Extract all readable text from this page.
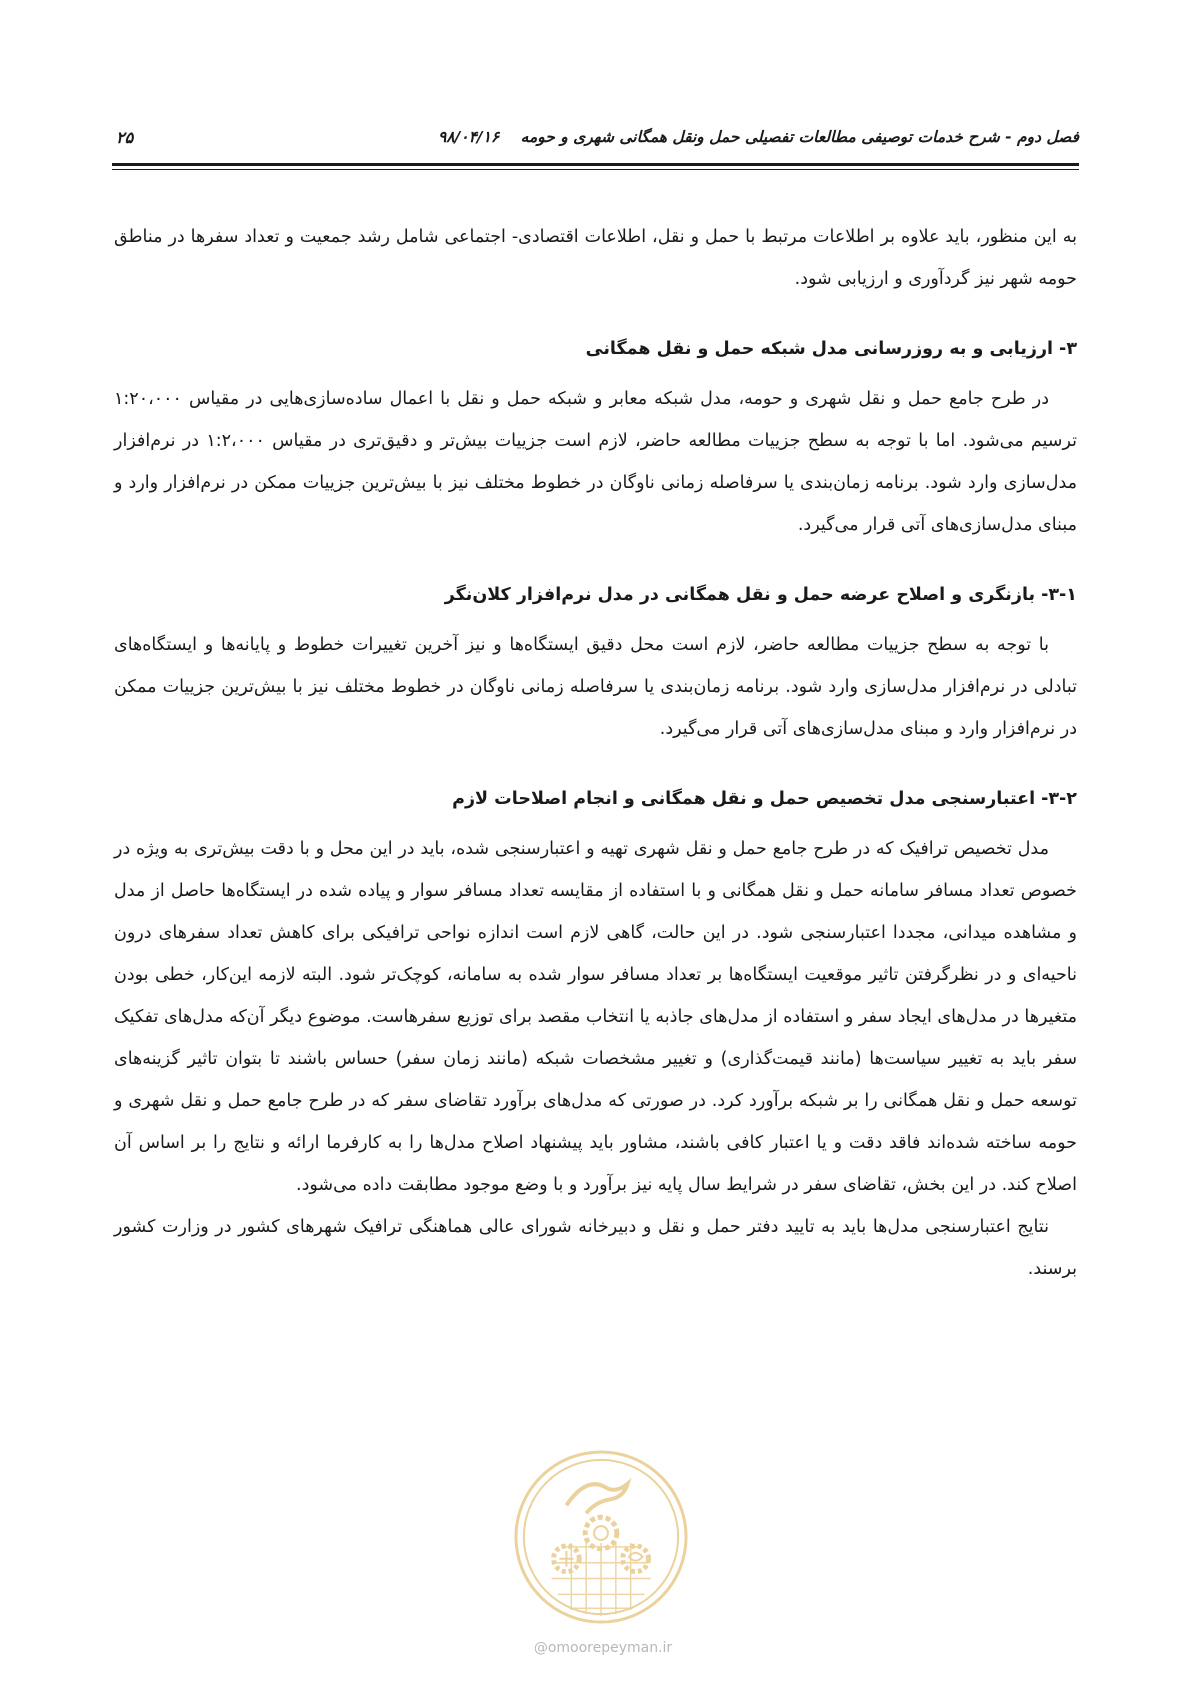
فصل دوم - شرح خدمات توصیفی مطالعات تفصیلی حمل ونقل همگانی شهری و حومه ۹۸/۰۴/۱۶
۲۵

به این منظور، باید علاوه بر اطلاعات مرتبط با حمل و نقل، اطلاعات اقتصادی- اجتماعی شامل رشد جمعیت و تعداد سفرها در مناطق حومه شهر نیز گردآوری و ارزیابی شود.

۳-ارزیابی و به روزرسانی مدل شبکه حمل و نقل همگانی

در طرح جامع حمل و نقل شهری و حومه، مدل شبکه معابر و شبکه حمل و نقل با اعمال ساده‌سازی‌هایی در مقیاس ۱:۲۰،۰۰۰ ترسیم می‌شود. اما با توجه به سطح جزییات مطالعه حاضر، لازم است جزییات بیش‌تر و دقیق‌تری در مقیاس ۱:۲،۰۰۰ در نرم‌افزار مدل‌سازی وارد شود. برنامه زمان‌بندی یا سرفاصله زمانی ناوگان در خطوط مختلف نیز با بیش‌ترین جزییات ممکن در نرم‌افزار وارد و مبنای مدل‌سازی‌های آتی قرار می‌گیرد.

۳-۱-بازنگری و اصلاح عرضه حمل و نقل همگانی در مدل نرم‌افزار کلان‌نگر

با توجه به سطح جزییات مطالعه حاضر، لازم است محل دقیق ایستگاه‌ها و نیز آخرین تغییرات خطوط و پایانه‌ها و ایستگاه‌های تبادلی در نرم‌افزار مدل‌سازی وارد شود. برنامه زمان‌بندی یا سرفاصله زمانی ناوگان در خطوط مختلف نیز با بیش‌ترین جزییات ممکن در نرم‌افزار وارد و مبنای مدل‌سازی‌های آتی قرار می‌گیرد.

۳-۲-اعتبارسنجی مدل تخصیص حمل و نقل همگانی و انجام اصلاحات لازم

مدل تخصیص ترافیک که در طرح جامع حمل و نقل شهری تهیه و اعتبارسنجی شده، باید در این محل و با دقت بیش‌تری به ویژه در خصوص تعداد مسافر سامانه حمل و نقل همگانی و با استفاده از مقایسه تعداد مسافر سوار و پیاده شده در ایستگاه‌ها حاصل از مدل و مشاهده میدانی، مجددا اعتبارسنجی شود. در این حالت، گاهی لازم است اندازه نواحی ترافیکی برای کاهش تعداد سفرهای درون ناحیه‌ای و در نظرگرفتن تاثیر موقعیت ایستگاه‌ها بر تعداد مسافر سوار شده به سامانه، کوچک‌تر شود. البته لازمه این‌کار، خطی بودن متغیرها در مدل‌های ایجاد سفر و استفاده از مدل‌های جاذبه یا انتخاب مقصد برای توزیع سفرهاست. موضوع دیگر آن‌که مدل‌های تفکیک سفر باید به تغییر سیاست‌ها (مانند قیمت‌گذاری) و تغییر مشخصات شبکه (مانند زمان سفر) حساس باشند تا بتوان تاثیر گزینه‌های توسعه حمل و نقل همگانی را بر شبکه برآورد کرد. در صورتی که مدل‌های برآورد تقاضای سفر که در طرح جامع حمل و نقل شهری و حومه ساخته شده‌اند فاقد دقت و یا اعتبار کافی باشند، مشاور باید پیشنهاد اصلاح مدل‌ها را به کارفرما ارائه و نتایج را بر اساس آن اصلاح کند. در این بخش، تقاضای سفر در شرایط سال پایه نیز برآورد و با وضع موجود مطابقت داده می‌شود.

نتایج اعتبارسنجی مدل‌ها باید به تایید دفتر حمل و نقل و دبیرخانه شورای عالی هماهنگی ترافیک شهرهای کشور در وزارت کشور برسند.

@omoorepeyman.ir
